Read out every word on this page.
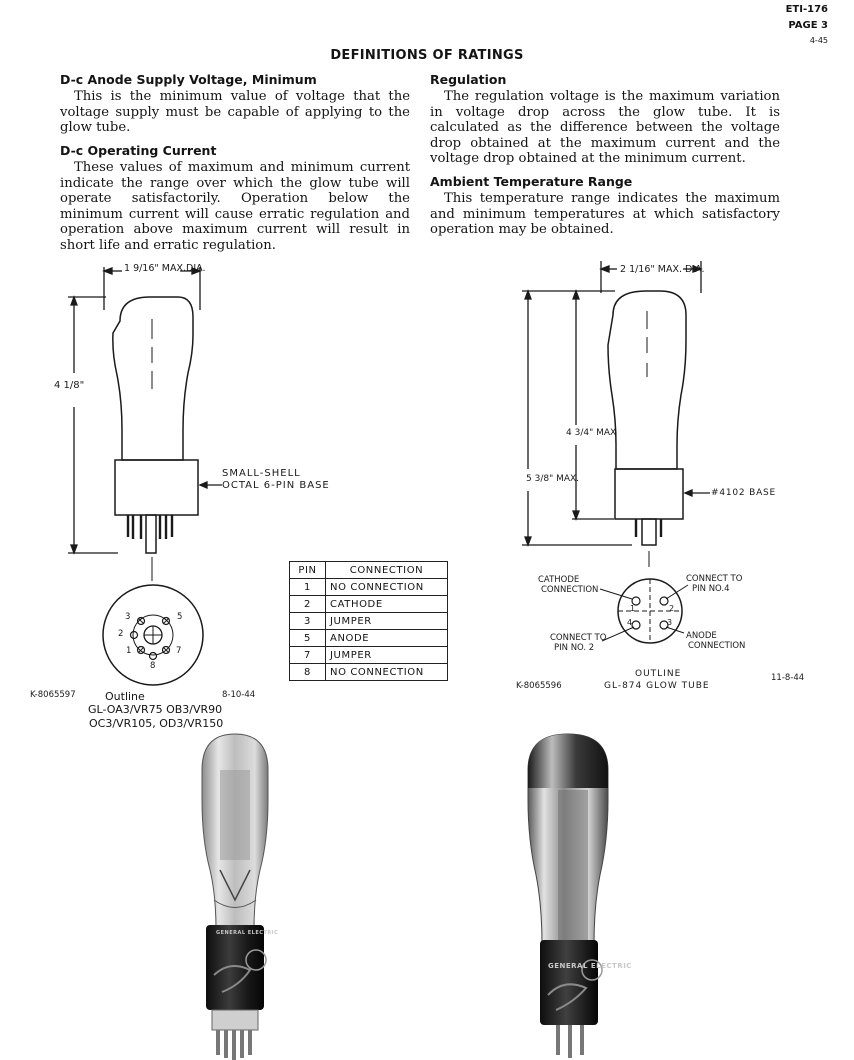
ETI-176
PAGE 3
4-45
DEFINITIONS OF RATINGS
D-c Anode Supply Voltage, Minimum

This is the minimum value of voltage that the voltage supply must be capable of applying to the glow tube.

D-c Operating Current

These values of maximum and minimum current indicate the range over which the glow tube will operate satisfactorily. Operation below the minimum current will cause erratic regulation and operation above maximum current will result in short life and erratic regulation.

Regulation

The regulation voltage is the maximum variation in voltage drop across the glow tube. It is calculated as the difference between the voltage drop obtained at the maximum current and the voltage drop obtained at the minimum current.

Ambient Temperature Range

This temperature range indicates the maximum and minimum temperatures at which satisfactory operation may be obtained.

1 9/16" MAX.DIA.
4 1/8"
SMALL-SHELL
OCTAL 6-PIN BASE
3	5
2
1	7
8
K-8065597	Outline	8-10-44
GL-OA3/VR75 OB3/VR90
OC3/VR105, OD3/VR150
PIN	CONNECTION
1	NO CONNECTION
2	CATHODE
3	JUMPER
5	ANODE
7	JUMPER
8	NO CONNECTION
2 1/16" MAX. DIA.
4 3/4" MAX
5 3/8" MAX.
#4102 BASE
CATHODE
CONNECTION
CONNECT TO
PIN NO.4
CONNECT TO
PIN NO. 2
ANODE
CONNECTION
1	2
4	3
OUTLINE
K-8065596	GL-874 GLOW TUBE
11-8-44
GENERAL ELECTRIC
GENERAL ELECTRIC
